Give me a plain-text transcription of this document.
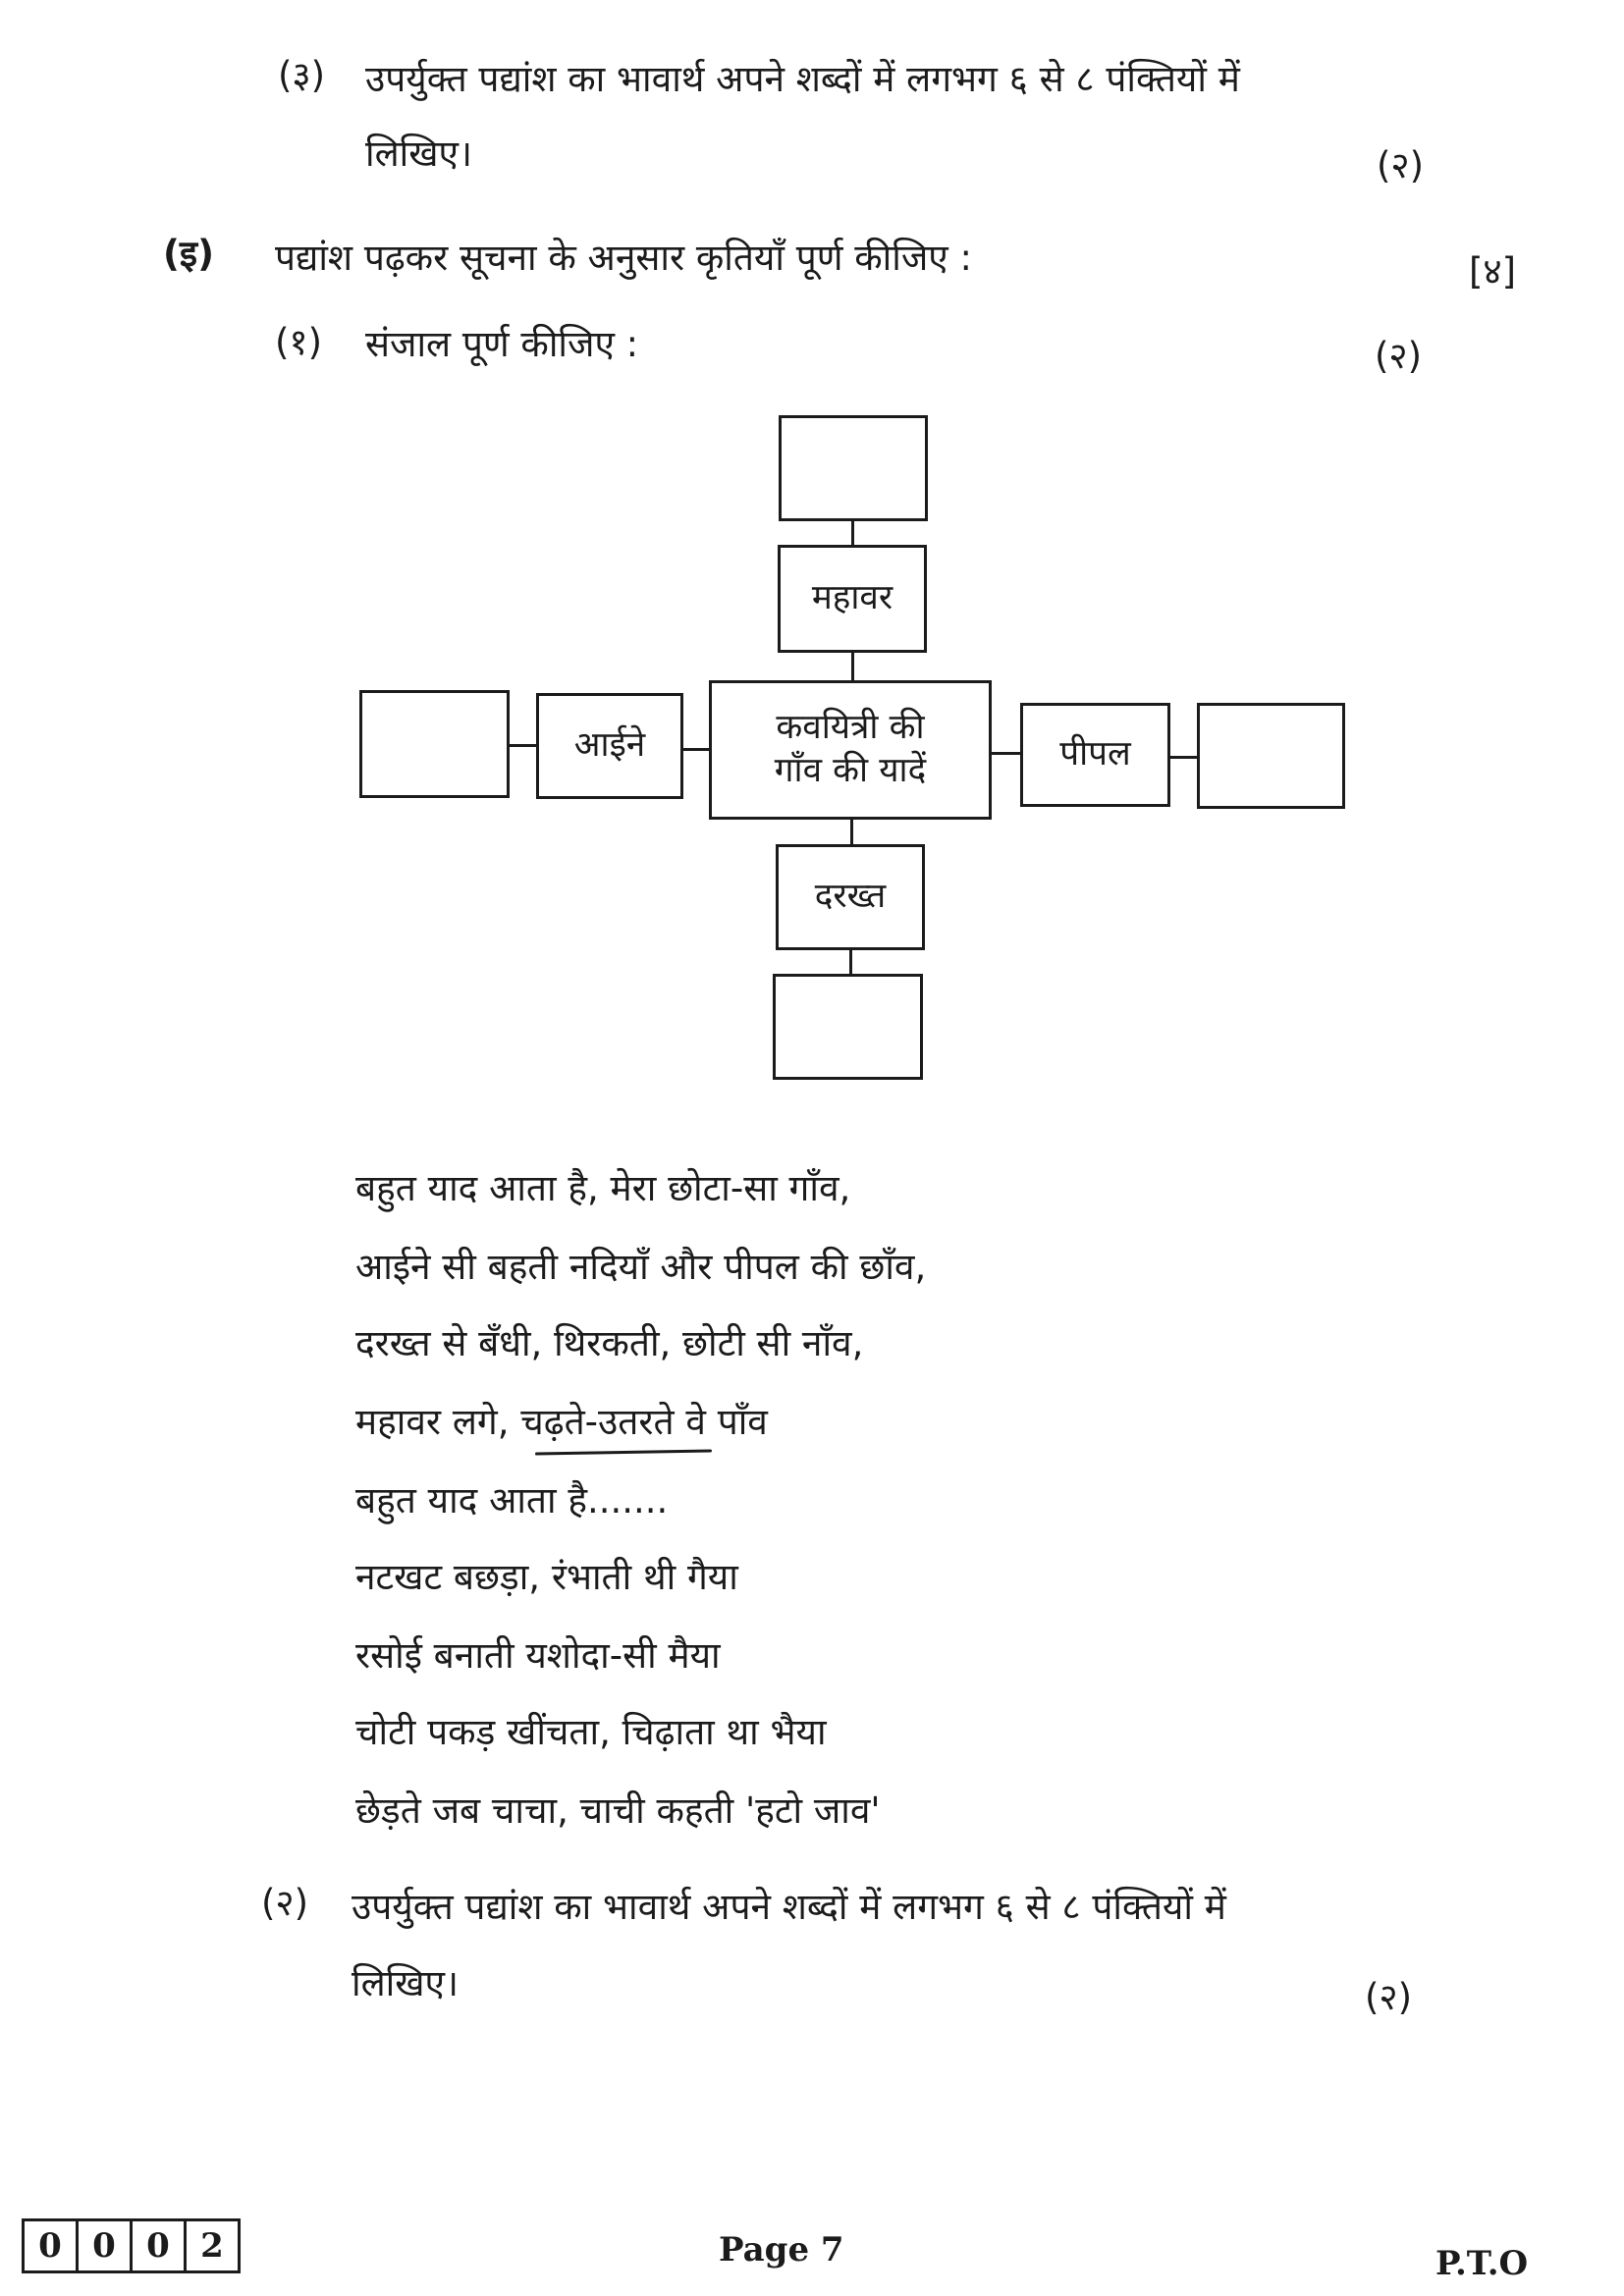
(३) उपर्युक्त पद्यांश का भावार्थ अपने शब्दों में लगभग ६ से ८ पंक्तियों में
लिखिए।	(२)
(इ) पद्यांश पढ़कर सूचना के अनुसार कृतियाँ पूर्ण कीजिए :	[४]
(१) संजाल पूर्ण कीजिए :	(२)
महावर
कवयित्री की
गाँव की यादें
आईने	पीपल
दरख्त
बहुत याद आता है, मेरा छोटा-सा गाँव,
आईने सी बहती नदियाँ और पीपल की छाँव,
दरख्त से बँधी, थिरकती, छोटी सी नाँव,
महावर लगे, चढ़ते-उतरते वे पाँव
बहुत याद आता है.......
नटखट बछड़ा, रंभाती थी गैया
रसोई बनाती यशोदा-सी मैया
चोटी पकड़ खींचता, चिढ़ाता था भैया
छेड़ते जब चाचा, चाची कहती 'हटो जाव'
(२) उपर्युक्त पद्यांश का भावार्थ अपने शब्दों में लगभग ६ से ८ पंक्तियों में
लिखिए।	(२)
0 0 0 2	Page 7	P.T.O
